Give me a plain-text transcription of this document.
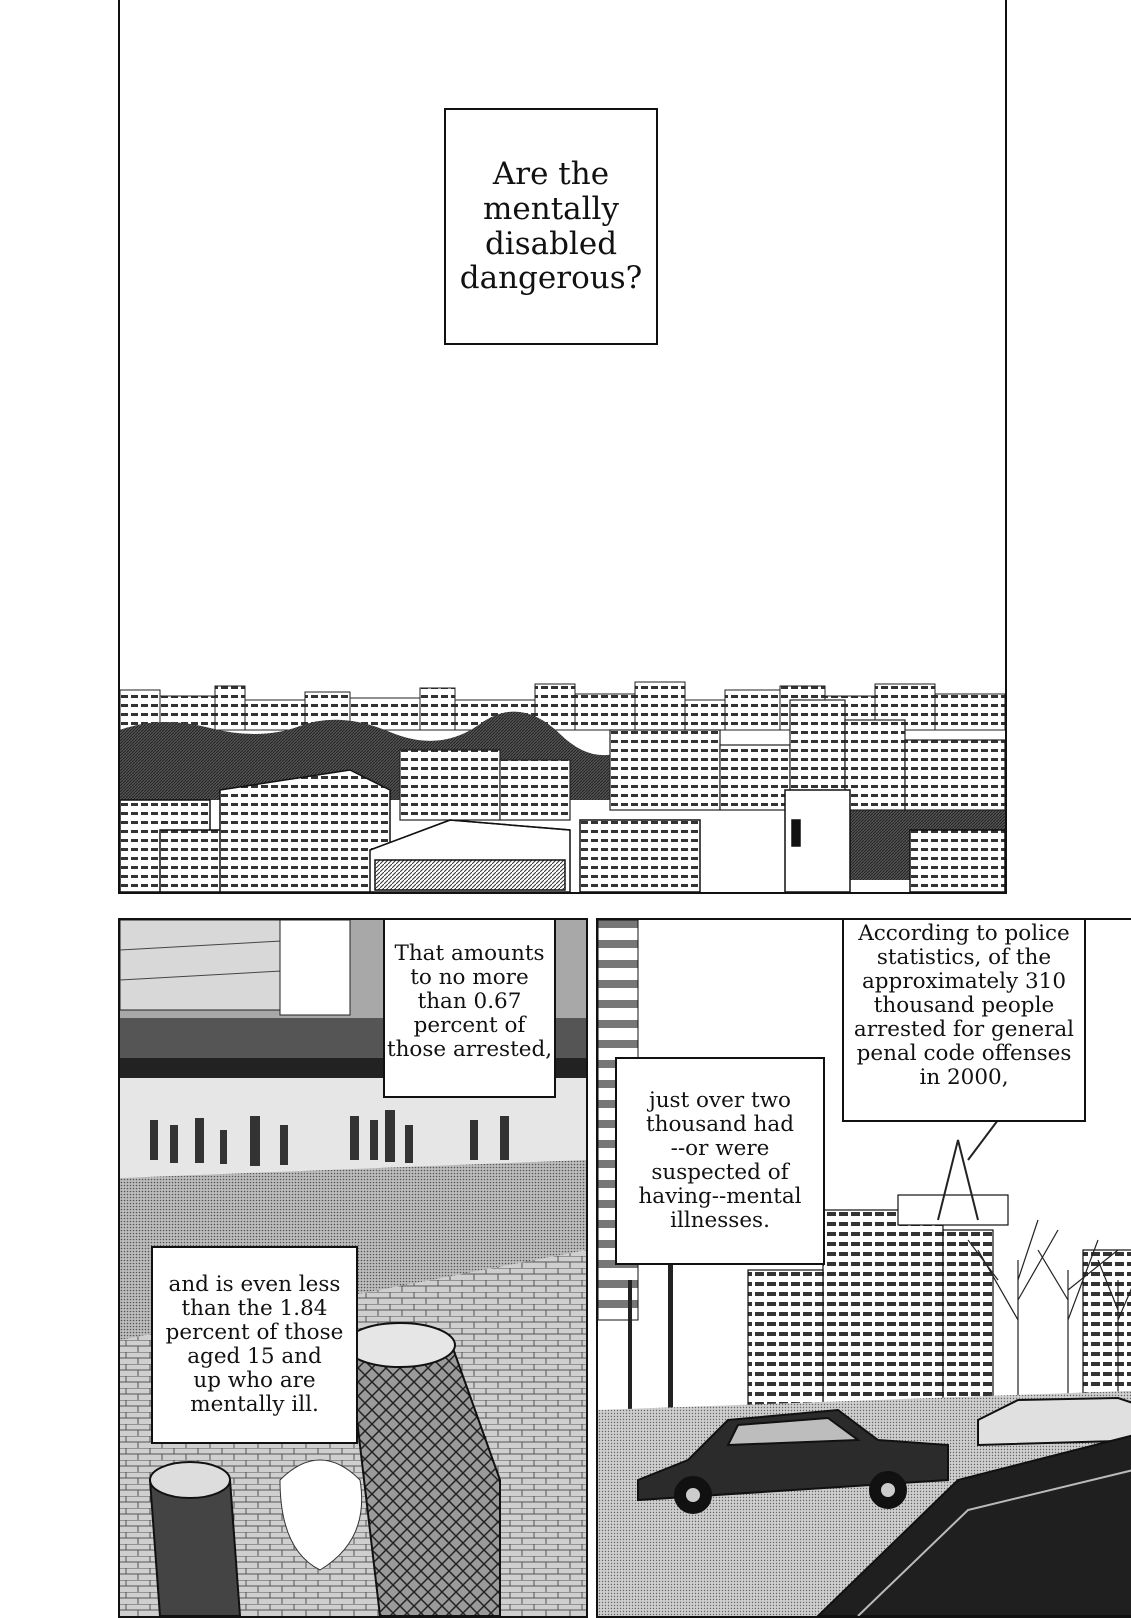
Are the
mentally
disabled
dangerous?
That amounts
to no more
than 0.67
percent of
those arrested,
and is even less
than the 1.84
percent of those
aged 15 and
up who are
mentally ill.
According to police
statistics, of the
approximately 310
thousand people
arrested for general
penal code offenses
in 2000,
just over two
thousand had
--or were
suspected of
having--mental
illnesses.
